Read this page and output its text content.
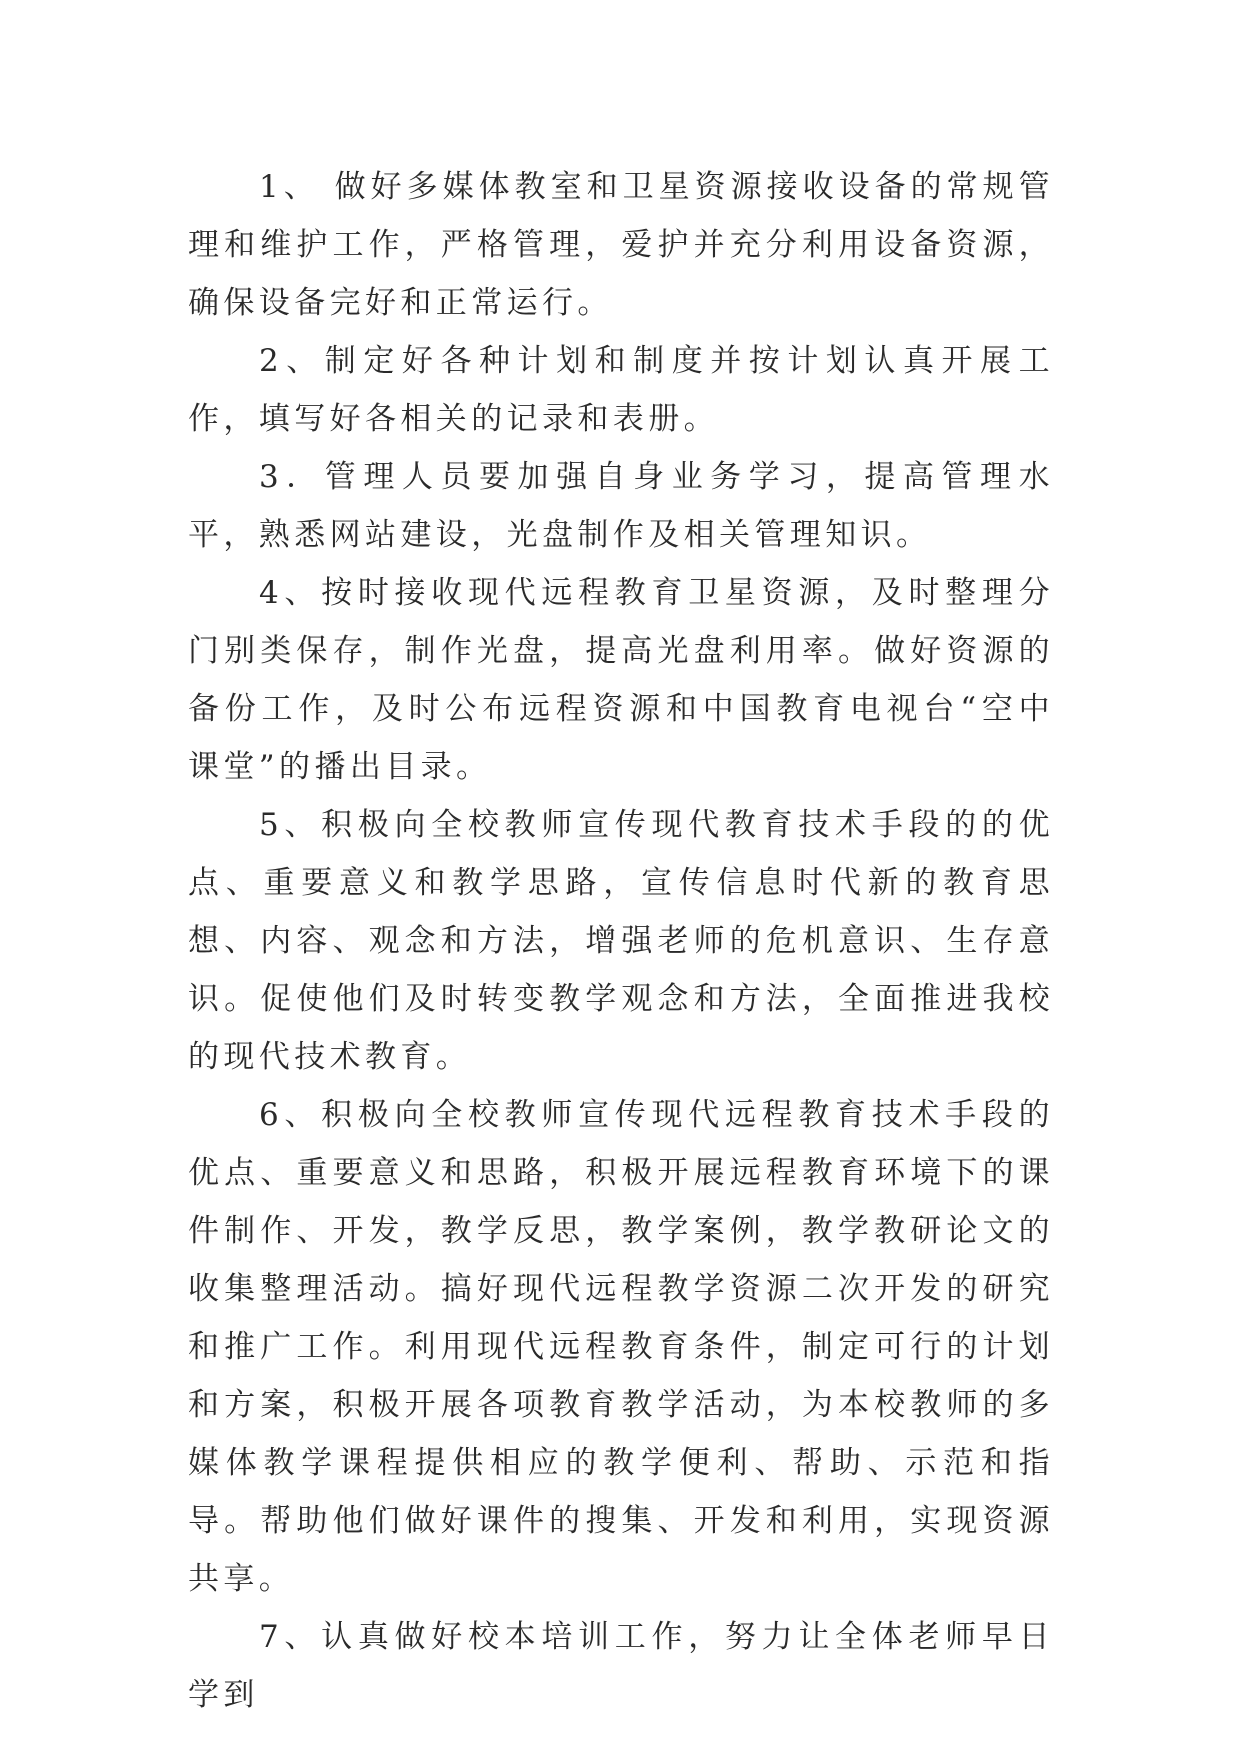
1、 做好多媒体教室和卫星资源接收设备的常规管理和维护工作，严格管理，爱护并充分利用设备资源，确保设备完好和正常运行。

2、制定好各种计划和制度并按计划认真开展工作，填写好各相关的记录和表册。

3．管理人员要加强自身业务学习，提高管理水平，熟悉网站建设，光盘制作及相关管理知识。

4、按时接收现代远程教育卫星资源，及时整理分门别类保存，制作光盘，提高光盘利用率。做好资源的备份工作，及时公布远程资源和中国教育电视台“空中课堂”的播出目录。

5、积极向全校教师宣传现代教育技术手段的的优点、重要意义和教学思路，宣传信息时代新的教育思想、内容、观念和方法，增强老师的危机意识、生存意识。促使他们及时转变教学观念和方法，全面推进我校的现代技术教育。

6、积极向全校教师宣传现代远程教育技术手段的优点、重要意义和思路，积极开展远程教育环境下的课件制作、开发，教学反思，教学案例，教学教研论文的收集整理活动。搞好现代远程教学资源二次开发的研究和推广工作。利用现代远程教育条件，制定可行的计划和方案，积极开展各项教育教学活动，为本校教师的多媒体教学课程提供相应的教学便利、帮助、示范和指导。帮助他们做好课件的搜集、开发和利用，实现资源共享。

7、认真做好校本培训工作，努力让全体老师早日学到
